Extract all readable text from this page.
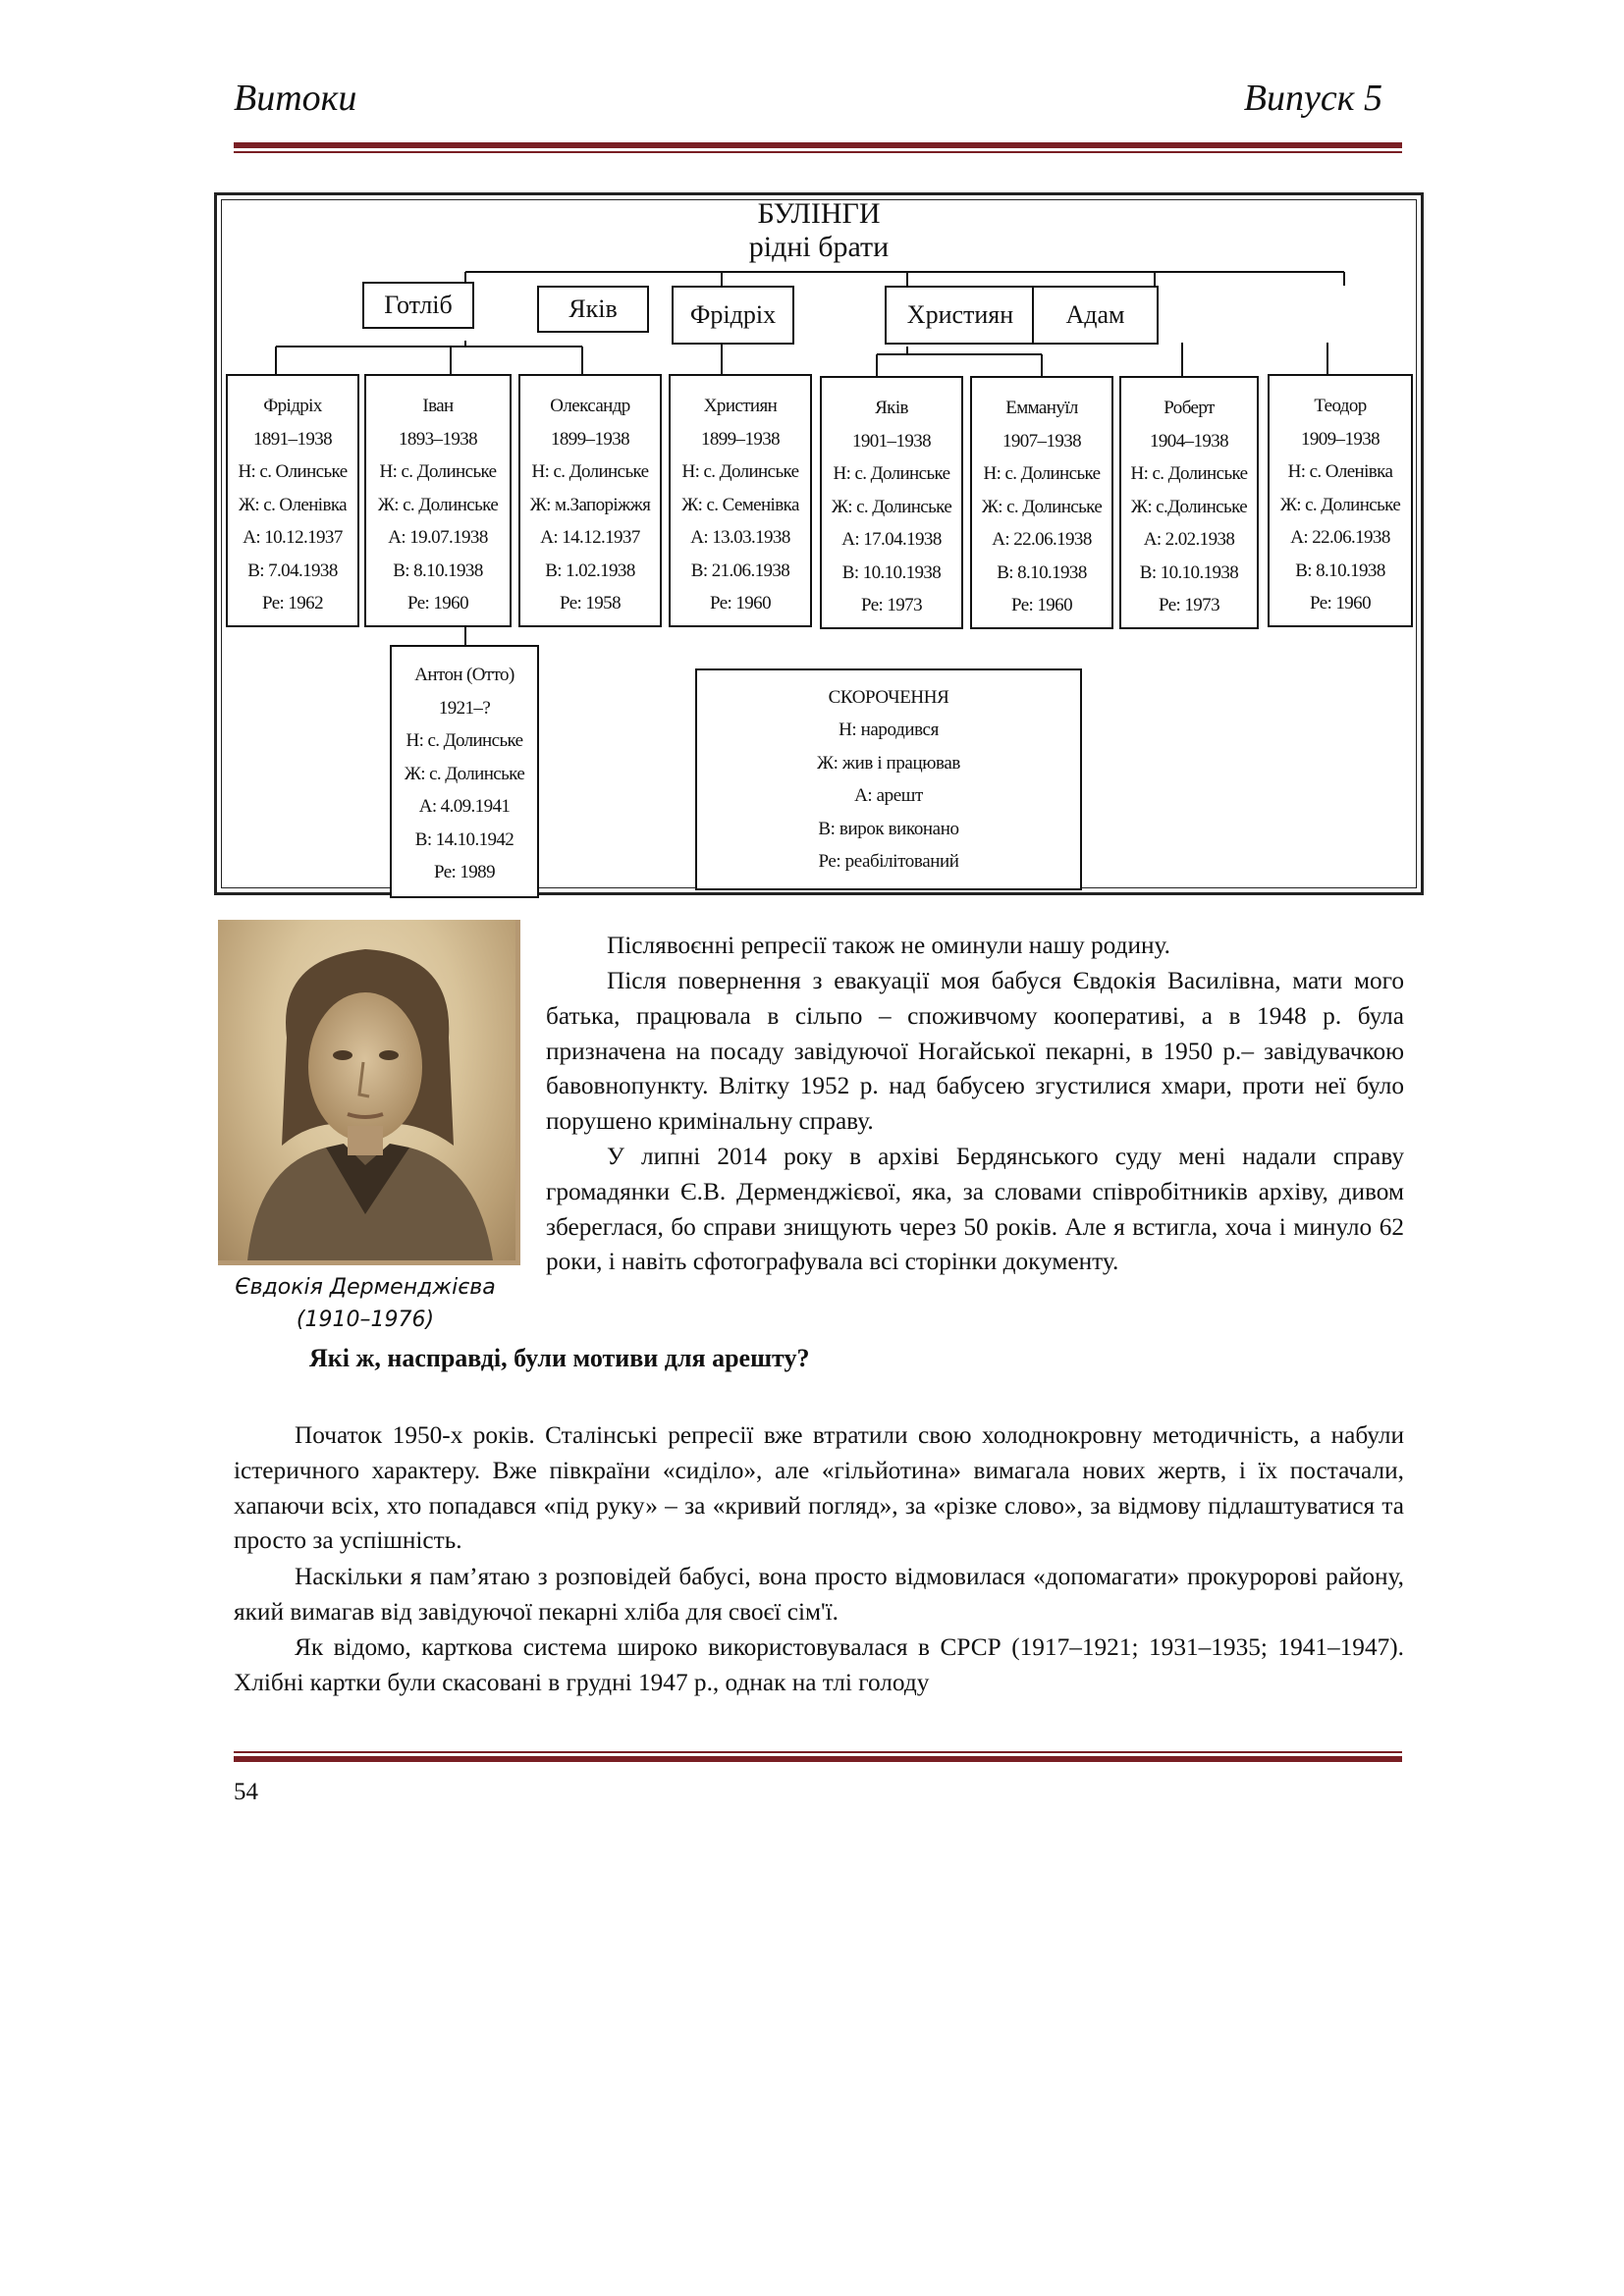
Витоки	Випуск 5
БУЛІНГИ
рідні брати
Готліб	Яків	Фрідріх	Християн	Адам
Фрідріх
1891–1938
Н: с. Олинське
Ж: с. Оленівка
А: 10.12.1937
В: 7.04.1938
Ре: 1962
Іван
1893–1938
Н: с. Долинське
Ж: с. Долинське
А: 19.07.1938
В: 8.10.1938
Ре: 1960
Олександр
1899–1938
Н: с. Долинське
Ж: м.Запоріжжя
А: 14.12.1937
В: 1.02.1938
Ре: 1958
Християн
1899–1938
Н: с. Долинське
Ж: с. Семенівка
А: 13.03.1938
В: 21.06.1938
Ре: 1960
Яків
1901–1938
Н: с. Долинське
Ж: с. Долинське
А: 17.04.1938
В: 10.10.1938
Ре: 1973
Еммануїл
1907–1938
Н: с. Долинське
Ж: с. Долинське
А: 22.06.1938
В: 8.10.1938
Ре: 1960
Роберт
1904–1938
Н: с. Долинське
Ж: с.Долинське
А: 2.02.1938
В: 10.10.1938
Ре: 1973
Теодор
1909–1938
Н: с. Оленівка
Ж: с. Долинське
А: 22.06.1938
В: 8.10.1938
Ре: 1960
Антон (Отто)
1921–?
Н: с. Долинське
Ж: с. Долинське
А: 4.09.1941
В: 14.10.1942
Ре: 1989
СКОРОЧЕННЯ
Н: народився
Ж: жив і працював
А: арешт
В: вирок виконано
Ре: реабілітований
Євдокія Дерменджієва
(1910–1976)

Післявоєнні репресії також не оминули нашу родину.

Після повернення з евакуації моя бабуся Євдокія Василівна, мати мого батька, працювала в сільпо – споживчому кооперативі, а в 1948 р. була призначена на посаду завідуючої Ногайської пекарні, в 1950 р.– завідувачкою бавовнопункту. Влітку 1952 р. над бабусею згустилися хмари, проти неї було порушено кримінальну справу.

У липні 2014 року в архіві Бердянського суду мені надали справу громадянки Є.В. Дерменджієвої, яка, за словами співробітників архіву, дивом збереглася, бо справи знищують через 50 років. Але я встигла, хоча і минуло 62 роки, і навіть сфотографувала всі сторінки документу.

Які ж, насправді, були мотиви для арешту?

Початок 1950-х років. Сталінські репресії вже втратили свою холоднокровну методичність, а набули істеричного характеру. Вже півкраїни «сиділо», але «гільйотина» вимагала нових жертв, і їх постачали, хапаючи всіх, хто попадався «під руку» – за «кривий погляд», за «різке слово», за відмову підлаштуватися та просто за успішність.

Наскільки я пам’ятаю з розповідей бабусі, вона просто відмовилася «допомагати» прокуророві району, який вимагав від завідуючої пекарні хліба для своєї сім'ї.

Як відомо, карткова система широко використовувалася в СРСР (1917–1921; 1931–1935; 1941–1947). Хлібні картки були скасовані в грудні 1947 р., однак на тлі голоду

54
